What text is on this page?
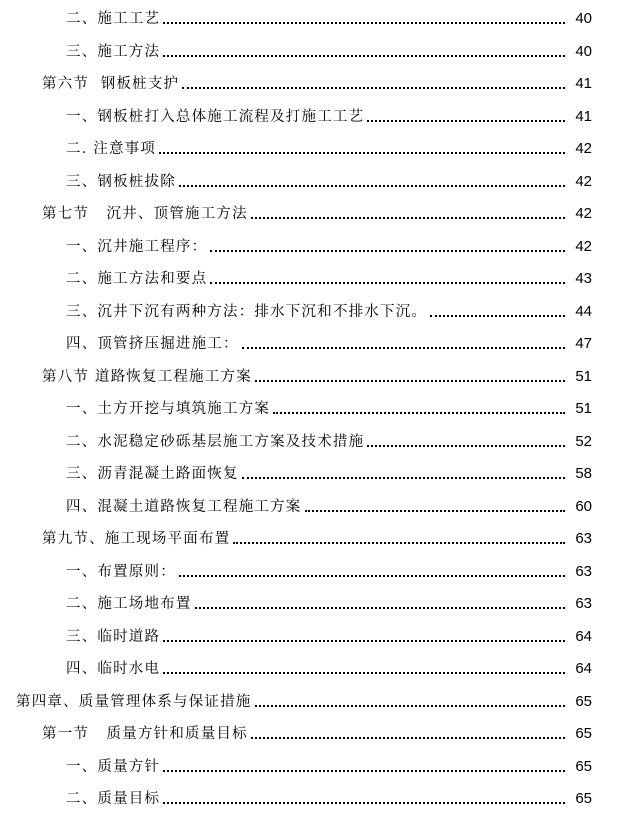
二、施工工艺	40
三、施工方法	40
第六节  钢板桩支护	41
一、钢板桩打入总体施工流程及打施工工艺	41
二. 注意事项	42
三、钢板桩拔除	42
第七节   沉井、顶管施工方法	42
一、沉井施工程序：	42
二、施工方法和要点	43
三、沉井下沉有两种方法：排水下沉和不排水下沉。	44
四、顶管挤压掘进施工：	47
第八节 道路恢复工程施工方案	51
一、土方开挖与填筑施工方案	51
二、水泥稳定砂砾基层施工方案及技术措施	52
三、沥青混凝土路面恢复	58
四、混凝土道路恢复工程施工方案	60
第九节、施工现场平面布置	63
一、布置原则：	63
二、施工场地布置	63
三、临时道路	64
四、临时水电	64
第四章、质量管理体系与保证措施	65
第一节   质量方针和质量目标	65
一、质量方针	65
二、质量目标	65
